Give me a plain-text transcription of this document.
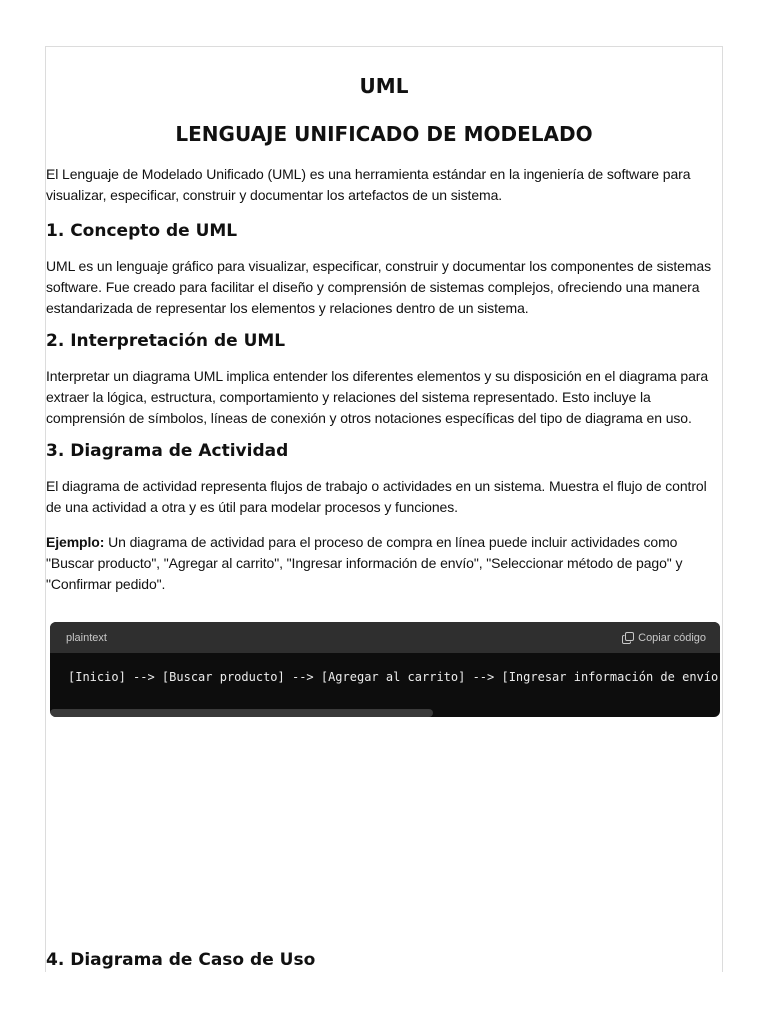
UML
LENGUAJE UNIFICADO DE MODELADO

El Lenguaje de Modelado Unificado (UML) es una herramienta estándar en la ingeniería de software para visualizar, especificar, construir y documentar los artefactos de un sistema.

1. Concepto de UML

UML es un lenguaje gráfico para visualizar, especificar, construir y documentar los componentes de sistemas software. Fue creado para facilitar el diseño y comprensión de sistemas complejos, ofreciendo una manera estandarizada de representar los elementos y relaciones dentro de un sistema.

2. Interpretación de UML

Interpretar un diagrama UML implica entender los diferentes elementos y su disposición en el diagrama para extraer la lógica, estructura, comportamiento y relaciones del sistema representado. Esto incluye la comprensión de símbolos, líneas de conexión y otros notaciones específicas del tipo de diagrama en uso.

3. Diagrama de Actividad

El diagrama de actividad representa flujos de trabajo o actividades en un sistema. Muestra el flujo de control de una actividad a otra y es útil para modelar procesos y funciones.

Ejemplo: Un diagrama de actividad para el proceso de compra en línea puede incluir actividades como "Buscar producto", "Agregar al carrito", "Ingresar información de envío", "Seleccionar método de pago" y "Confirmar pedido".

plaintext	Copiar código
[Inicio] --> [Buscar producto] --> [Agregar al carrito] --> [Ingresar información de envío
4. Diagrama de Caso de Uso
